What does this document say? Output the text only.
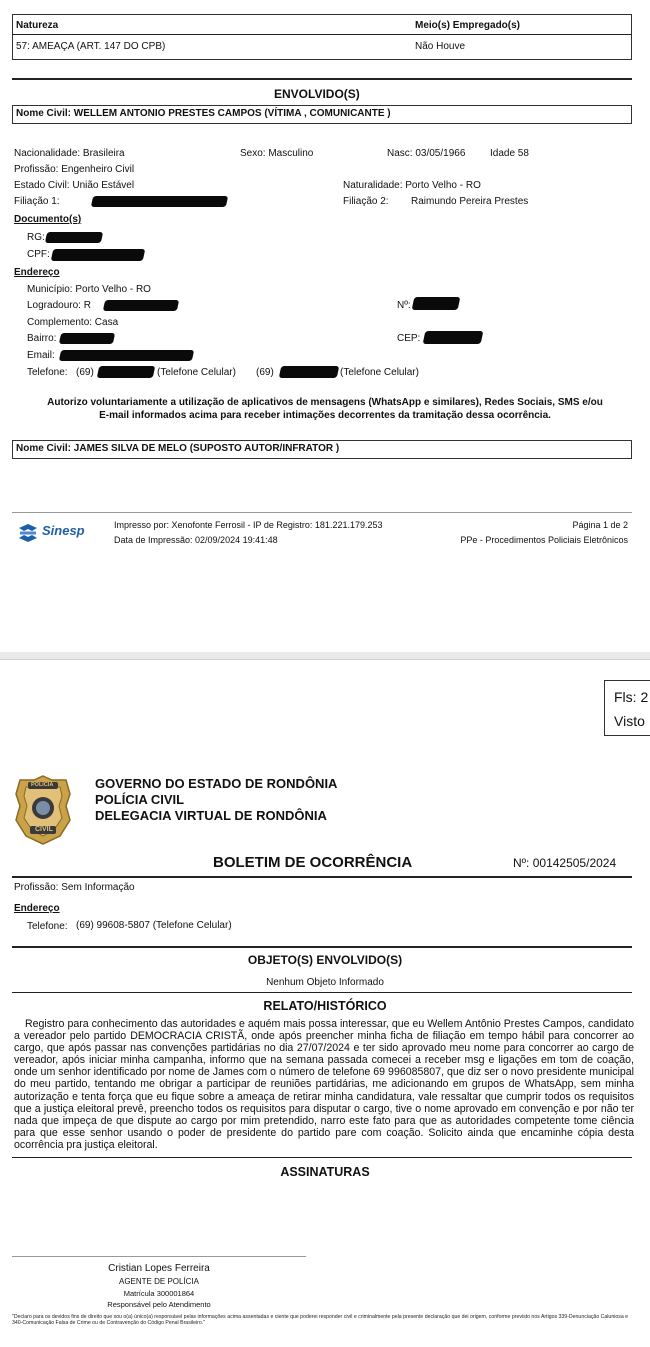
Natureza	Meio(s) Empregado(s)
57: AMEAÇA (ART. 147 DO CPB)	Não Houve
ENVOLVIDO(S)
Nome Civil: WELLEM ANTONIO PRESTES CAMPOS (VÍTIMA , COMUNICANTE )
Nacionalidade: Brasileira	Sexo: Masculino	Nasc: 03/05/1966 Idade 58
Profissão: Engenheiro Civil
Estado Civil: União Estável	Naturalidade: Porto Velho - RO
Filiação 1:	Filiação 2: Raimundo Pereira Prestes
Documento(s)
RG:
CPF:
Endereço
Município: Porto Velho - RO
Logradouro: R	Nº:
Complemento: Casa
Bairro:	CEP:
Email:
Telefone: (69)	(Telefone Celular) (69)	(Telefone Celular)
Autorizo voluntariamente a utilização de aplicativos de mensagens (WhatsApp e similares), Redes Sociais, SMS e/ou
E-mail informados acima para receber intimações decorrentes da tramitação dessa ocorrência.
Nome Civil: JAMES SILVA DE MELO (SUPOSTO AUTOR/INFRATOR )
Sinesp	Impresso por: Xenofonte Ferrosil - IP de Registro: 181.221.179.253
Data de Impressão: 02/09/2024 19:41:48
Página 1 de 2
PPe - Procedimentos Policiais Eletrônicos
Fls: 2
Visto
POLÍCIA
CIVIL
GOVERNO DO ESTADO DE RONDÔNIA
POLÍCIA CIVIL
DELEGACIA VIRTUAL DE RONDÔNIA
BOLETIM DE OCORRÊNCIA	Nº: 00142505/2024
Profissão: Sem Informação
Endereço
Telefone: (69) 99608-5807 (Telefone Celular)
OBJETO(S) ENVOLVIDO(S)
Nenhum Objeto Informado
RELATO/HISTÓRICO

Registro para conhecimento das autoridades e aquém mais possa interessar, que eu Wellem Antônio Prestes Campos, candidato a vereador pelo partido DEMOCRACIA CRISTÃ, onde após preencher minha ficha de filiação em tempo hábil para concorrer ao cargo, que após passar nas convenções partidárias no dia 27/07/2024 e ter sido aprovado meu nome para concorrer ao cargo de vereador, após iniciar minha campanha, informo que na semana passada comecei a receber msg e ligações em tom de coação, onde um senhor identificado por nome de James com o número de telefone 69 996085807, que diz ser o novo presidente municipal do meu partido, tentando me obrigar a participar de reuniões partidárias, me adicionando em grupos de WhatsApp, sem minha autorização e tenta força que eu fique sobre a ameaça de retirar minha candidatura, vale ressaltar que cumprir todos os requisitos que a justiça eleitoral prevê, preencho todos os requisitos para disputar o cargo, tive o nome aprovado em convenção e por não ter nada que impeça de que dispute ao cargo por mim pretendido, narro este fato para que as autoridades competente tome ciência para que esse senhor usando o poder de presidente do partido pare com coação. Solicito ainda que encaminhe cópia desta ocorrência pra justiça eleitoral.

ASSINATURAS
Cristian Lopes Ferreira
AGENTE DE POLÍCIA
Matrícula 300001864
Responsável pelo Atendimento

"Declaro para os devidos fins de direito que sou o(a) único(a) responsável pelas informações acima assentadas e ciente que poderei responder civil e criminalmente pela presente declaração que dei origem, conforme previsto nos Artigos 339-Denunciação Caluniosa e 340-Comunicação Falsa de Crime ou de Contravenção do Código Penal Brasileiro."
